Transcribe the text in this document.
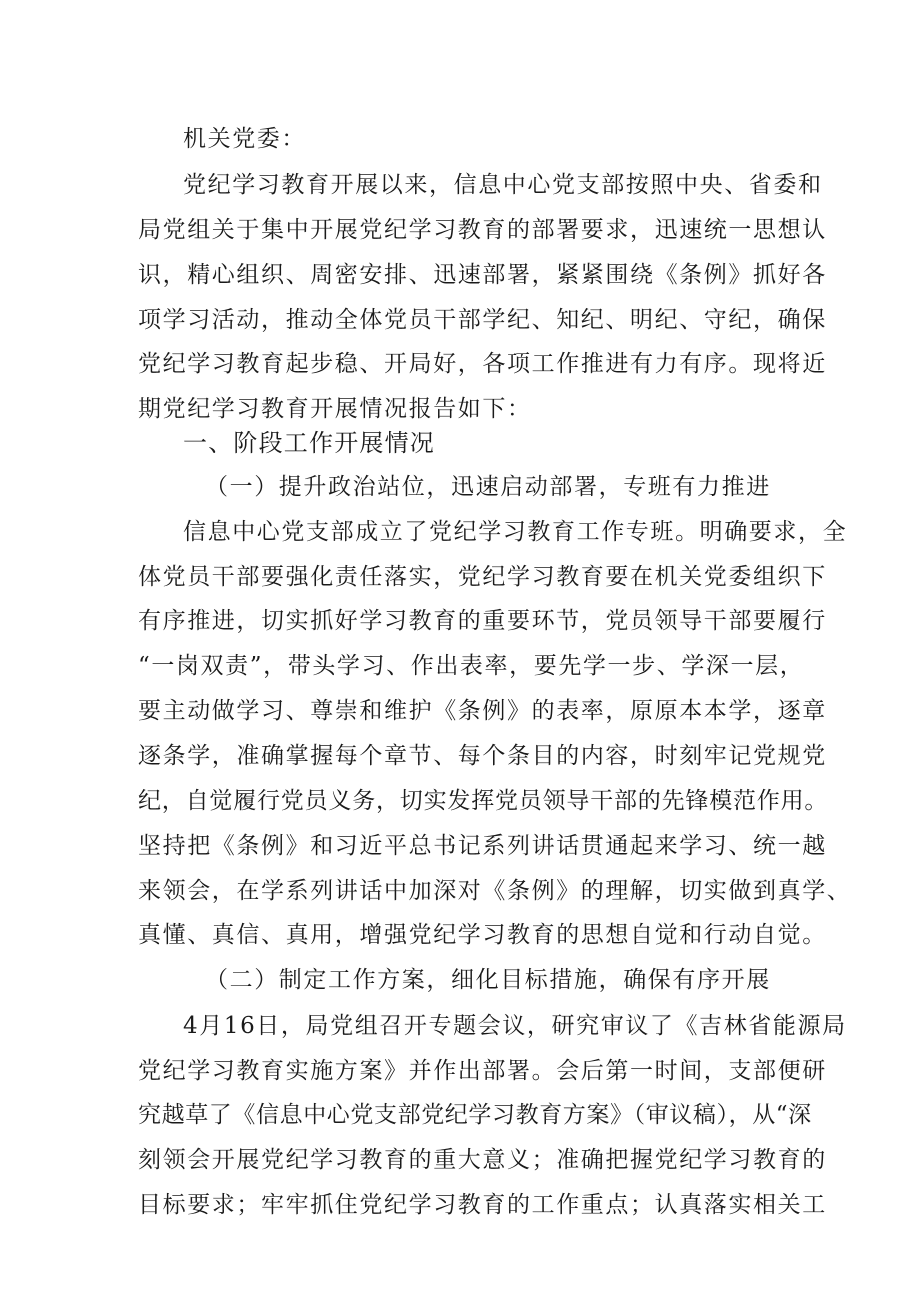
机关党委：
党纪学习教育开展以来，信息中心党支部按照中央、省委和
局党组关于集中开展党纪学习教育的部署要求，迅速统一思想认
识，精心组织、周密安排、迅速部署，紧紧围绕《条例》抓好各
项学习活动，推动全体党员干部学纪、知纪、明纪、守纪，确保
党纪学习教育起步稳、开局好，各项工作推进有力有序。现将近
期党纪学习教育开展情况报告如下：
一、阶段工作开展情况
（一）提升政治站位，迅速启动部署，专班有力推进
信息中心党支部成立了党纪学习教育工作专班。明确要求，全
体党员干部要强化责任落实，党纪学习教育要在机关党委组织下
有序推进，切实抓好学习教育的重要环节，党员领导干部要履行
“一岗双责”，带头学习、作出表率，要先学一步、学深一层，
要主动做学习、尊崇和维护《条例》的表率，原原本本学，逐章
逐条学，准确掌握每个章节、每个条目的内容，时刻牢记党规党
纪，自觉履行党员义务，切实发挥党员领导干部的先锋模范作用。
坚持把《条例》和习近平总书记系列讲话贯通起来学习、统一越
来领会，在学系列讲话中加深对《条例》的理解，切实做到真学、
真懂、真信、真用，增强党纪学习教育的思想自觉和行动自觉。
（二）制定工作方案，细化目标措施，确保有序开展
4月16日，局党组召开专题会议，研究审议了《吉林省能源局
党纪学习教育实施方案》并作出部署。会后第一时间，支部便研
究越草了《信息中心党支部党纪学习教育方案》（审议稿），从“深
刻领会开展党纪学习教育的重大意义；准确把握党纪学习教育的
目标要求；牢牢抓住党纪学习教育的工作重点；认真落实相关工
